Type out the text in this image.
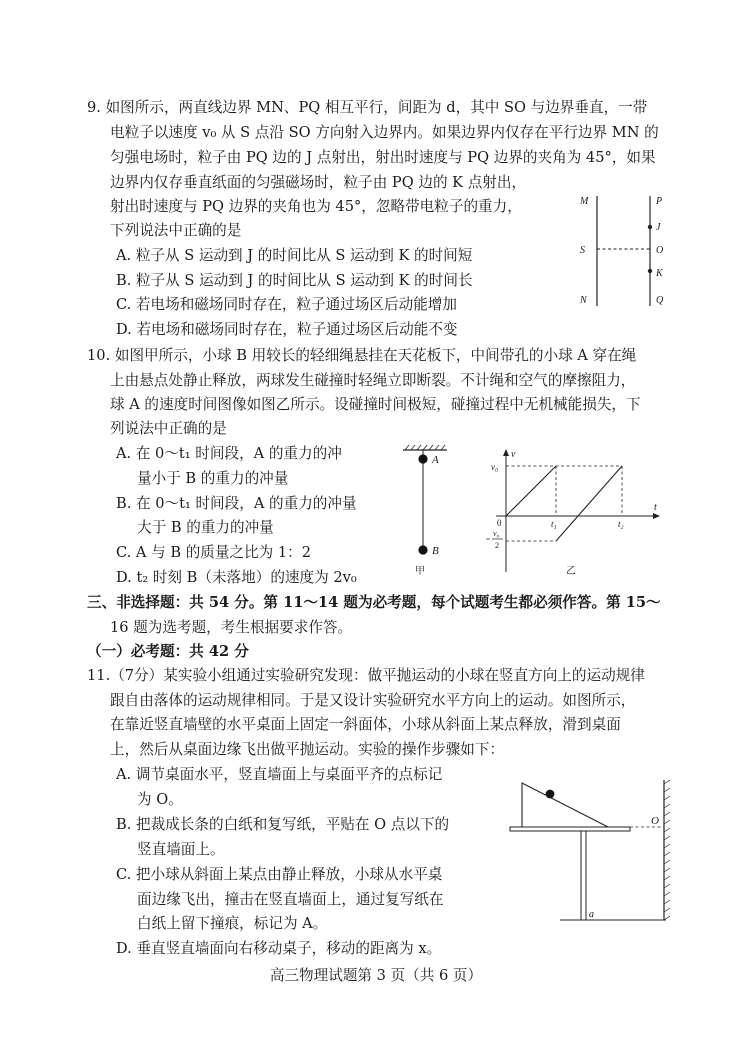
9. 如图所示，两直线边界 MN、PQ 相互平行，间距为 d，其中 SO 与边界垂直，一带
电粒子以速度 v₀ 从 S 点沿 SO 方向射入边界内。如果边界内仅存在平行边界 MN 的
匀强电场时，粒子由 PQ 边的 J 点射出，射出时速度与 PQ 边界的夹角为 45°，如果
边界内仅存垂直纸面的匀强磁场时，粒子由 PQ 边的 K 点射出，
射出时速度与 PQ 边界的夹角也为 45°，忽略带电粒子的重力，
下列说法中正确的是
A. 粒子从 S 运动到 J 的时间比从 S 运动到 K 的时间短
B. 粒子从 S 运动到 J 的时间比从 S 运动到 K 的时间长
C. 若电场和磁场同时存在，粒子通过场区后动能增加
D. 若电场和磁场同时存在，粒子通过场区后动能不变
M
S
N
P
J
O
K
Q
10. 如图甲所示，小球 B 用较长的轻细绳悬挂在天花板下，中间带孔的小球 A 穿在绳
上由悬点处静止释放，两球发生碰撞时轻绳立即断裂。不计绳和空气的摩擦阻力，
球 A 的速度时间图像如图乙所示。设碰撞时间极短，碰撞过程中无机械能损失，下
列说法中正确的是
A. 在 0～t₁ 时间段，A 的重力的冲
量小于 B 的重力的冲量
B. 在 0～t₁ 时间段，A 的重力的冲量
大于 B 的重力的冲量
C. A 与 B 的质量之比为 1：2
D. t₂ 时刻 B（未落地）的速度为 2v₀
A
B
甲
v
t
v₀
0	t₁	t₂
v₀
2
乙
三、非选择题：共 54 分。第 11～14 题为必考题，每个试题考生都必须作答。第 15～
16 题为选考题，考生根据要求作答。
（一）必考题：共 42 分
11.（7分）某实验小组通过实验研究发现：做平抛运动的小球在竖直方向上的运动规律
跟自由落体的运动规律相同。于是又设计实验研究水平方向上的运动。如图所示，
在靠近竖直墙壁的水平桌面上固定一斜面体，小球从斜面上某点释放，滑到桌面
上，然后从桌面边缘飞出做平抛运动。实验的操作步骤如下：
A. 调节桌面水平，竖直墙面上与桌面平齐的点标记
为 O。
B. 把裁成长条的白纸和复写纸，平贴在 O 点以下的
竖直墙面上。
C. 把小球从斜面上某点由静止释放，小球从水平桌
面边缘飞出，撞击在竖直墙面上，通过复写纸在
白纸上留下撞痕，标记为 A。
D. 垂直竖直墙面向右移动桌子，移动的距离为 x。
O
a
高三物理试题第 3 页（共 6 页）
